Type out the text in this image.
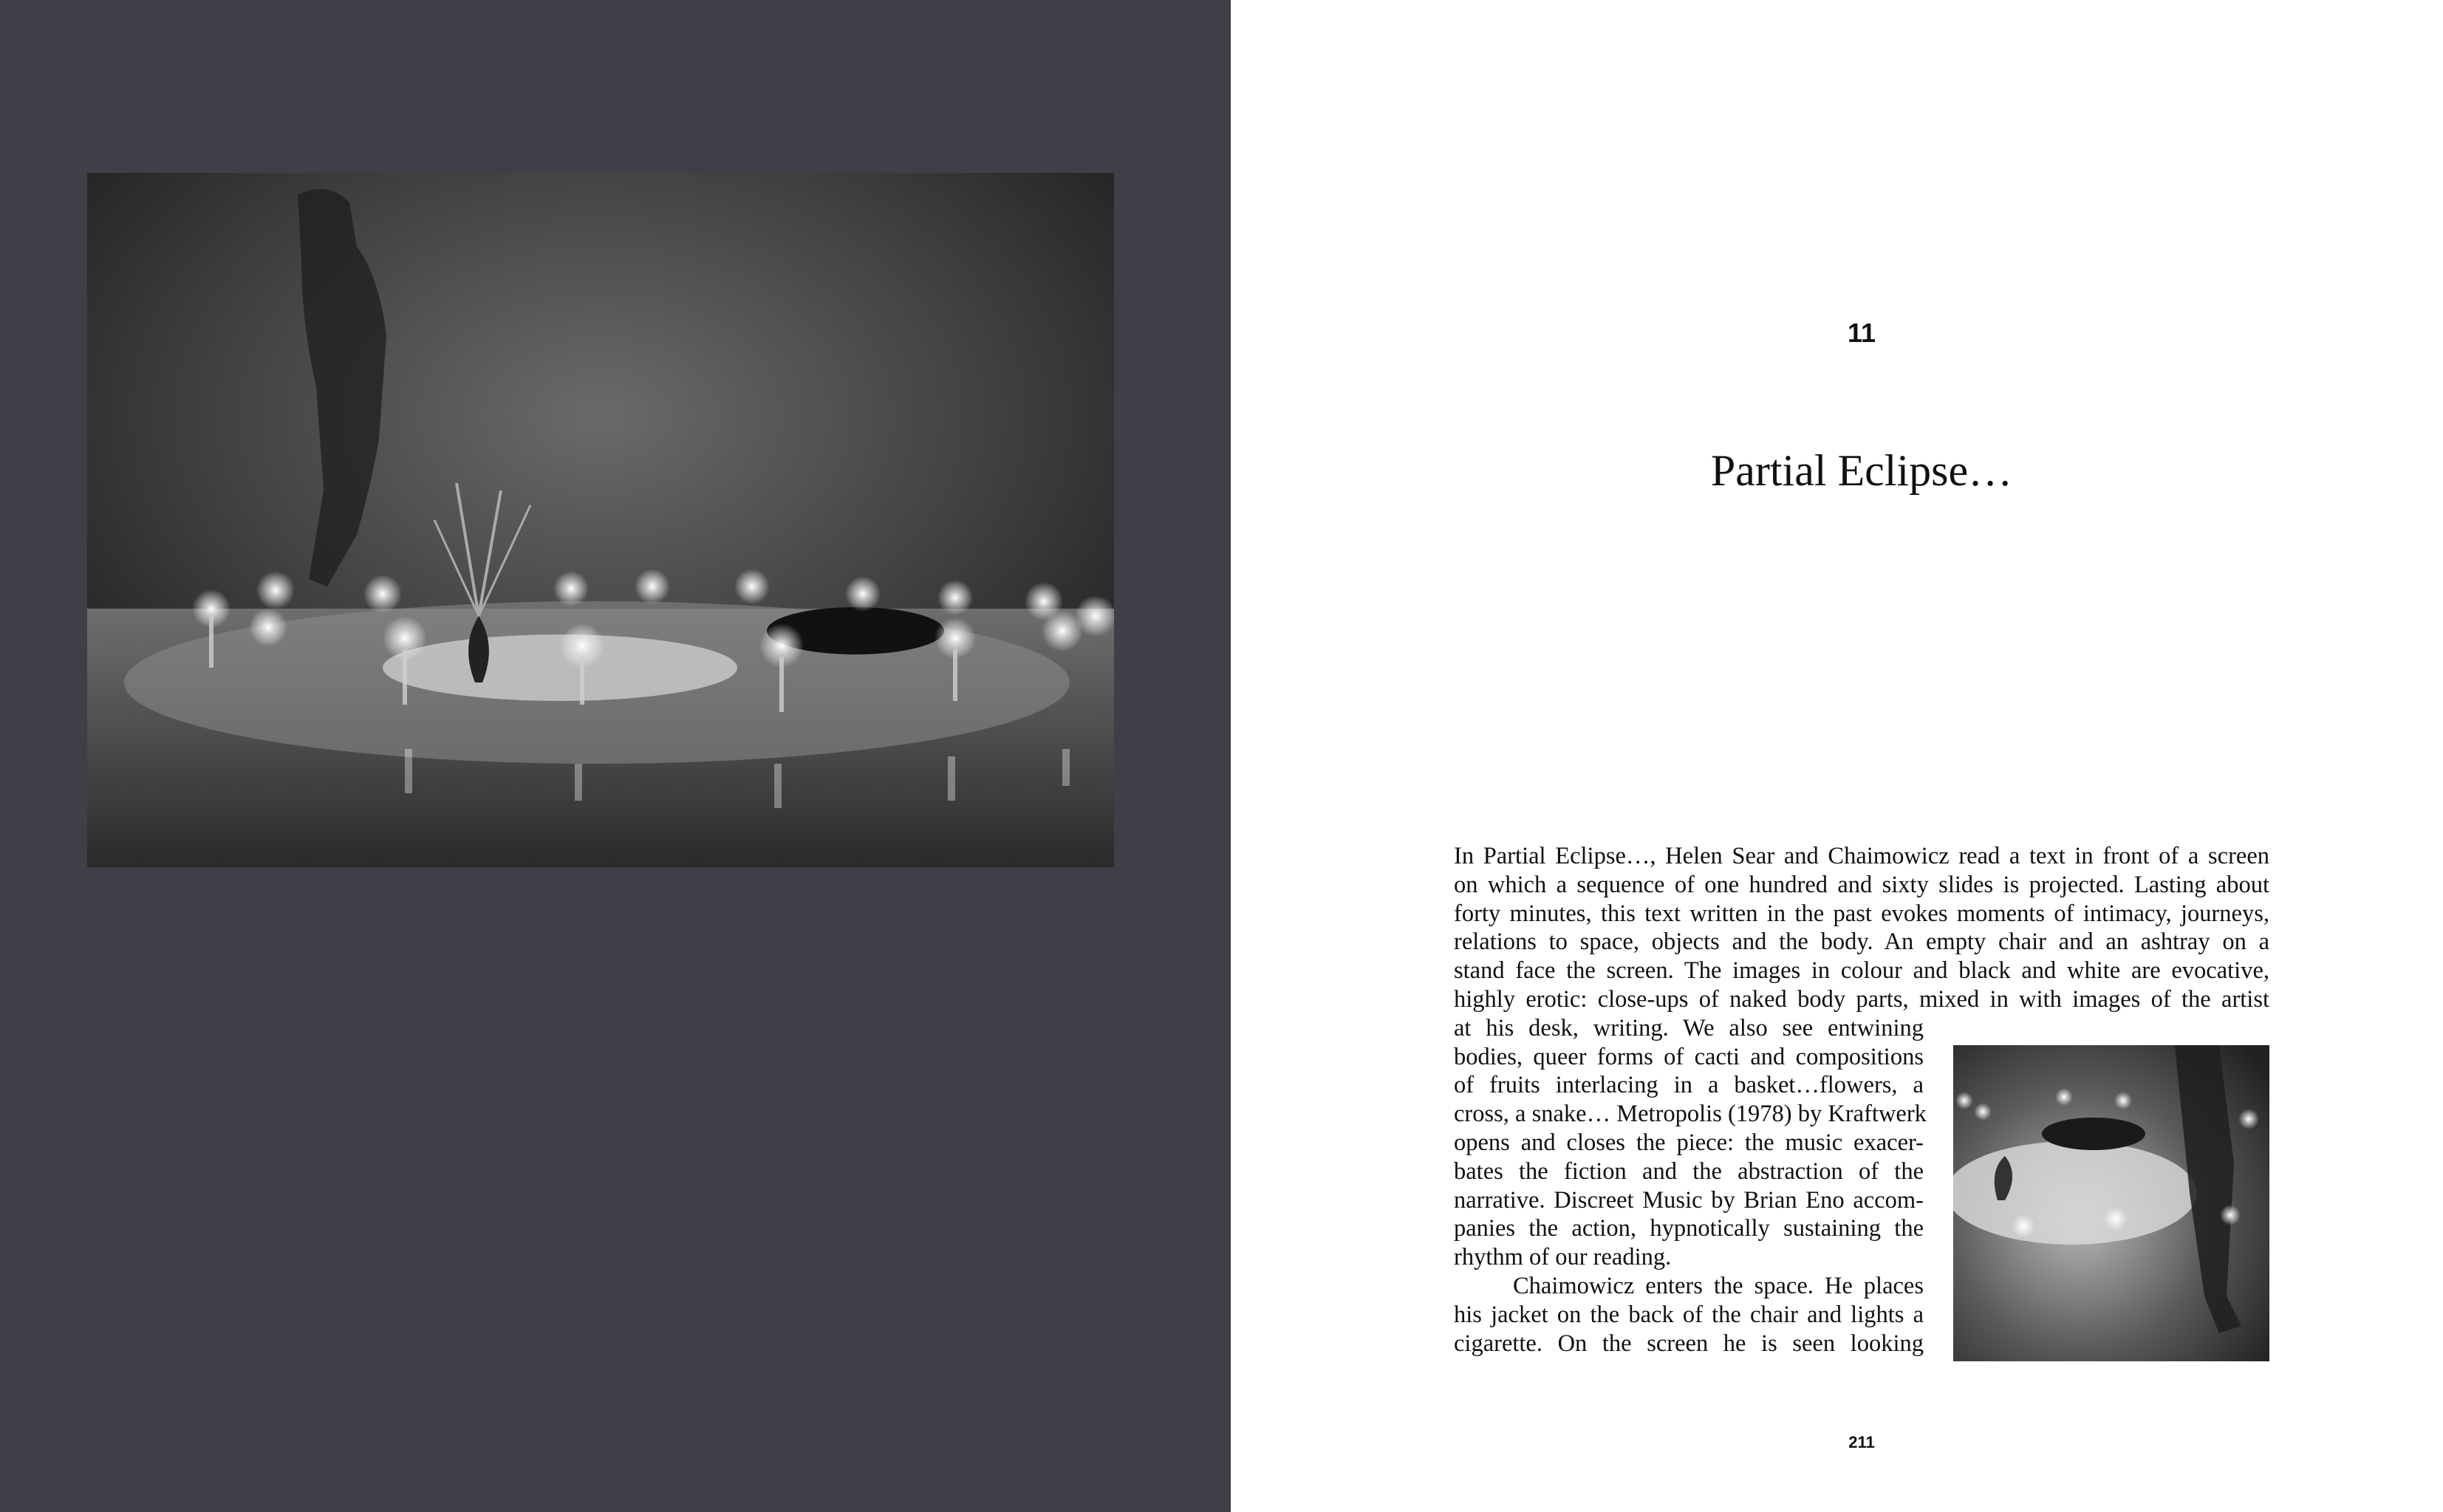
11
Partial Eclipse…
In Partial Eclipse…, Helen Sear and Chaimowicz read a text in front of a screen
on which a sequence of one hundred and sixty slides is projected. Lasting about
forty minutes, this text written in the past evokes moments of intimacy, journeys,
relations to space, objects and the body. An empty chair and an ashtray on a
stand face the screen. The images in colour and black and white are evocative,
highly erotic: close-ups of naked body parts, mixed in with images of the artist
at his desk, writing. We also see entwining
bodies, queer forms of cacti and compositions
of fruits interlacing in a basket…flowers, a
cross, a snake… Metropolis (1978) by Kraftwerk
opens and closes the piece: the music exacer-
bates the fiction and the abstraction of the
narrative. Discreet Music by Brian Eno accom-
panies the action, hypnotically sustaining the
rhythm of our reading.
Chaimowicz enters the space. He places
his jacket on the back of the chair and lights a
cigarette. On the screen he is seen looking
211
